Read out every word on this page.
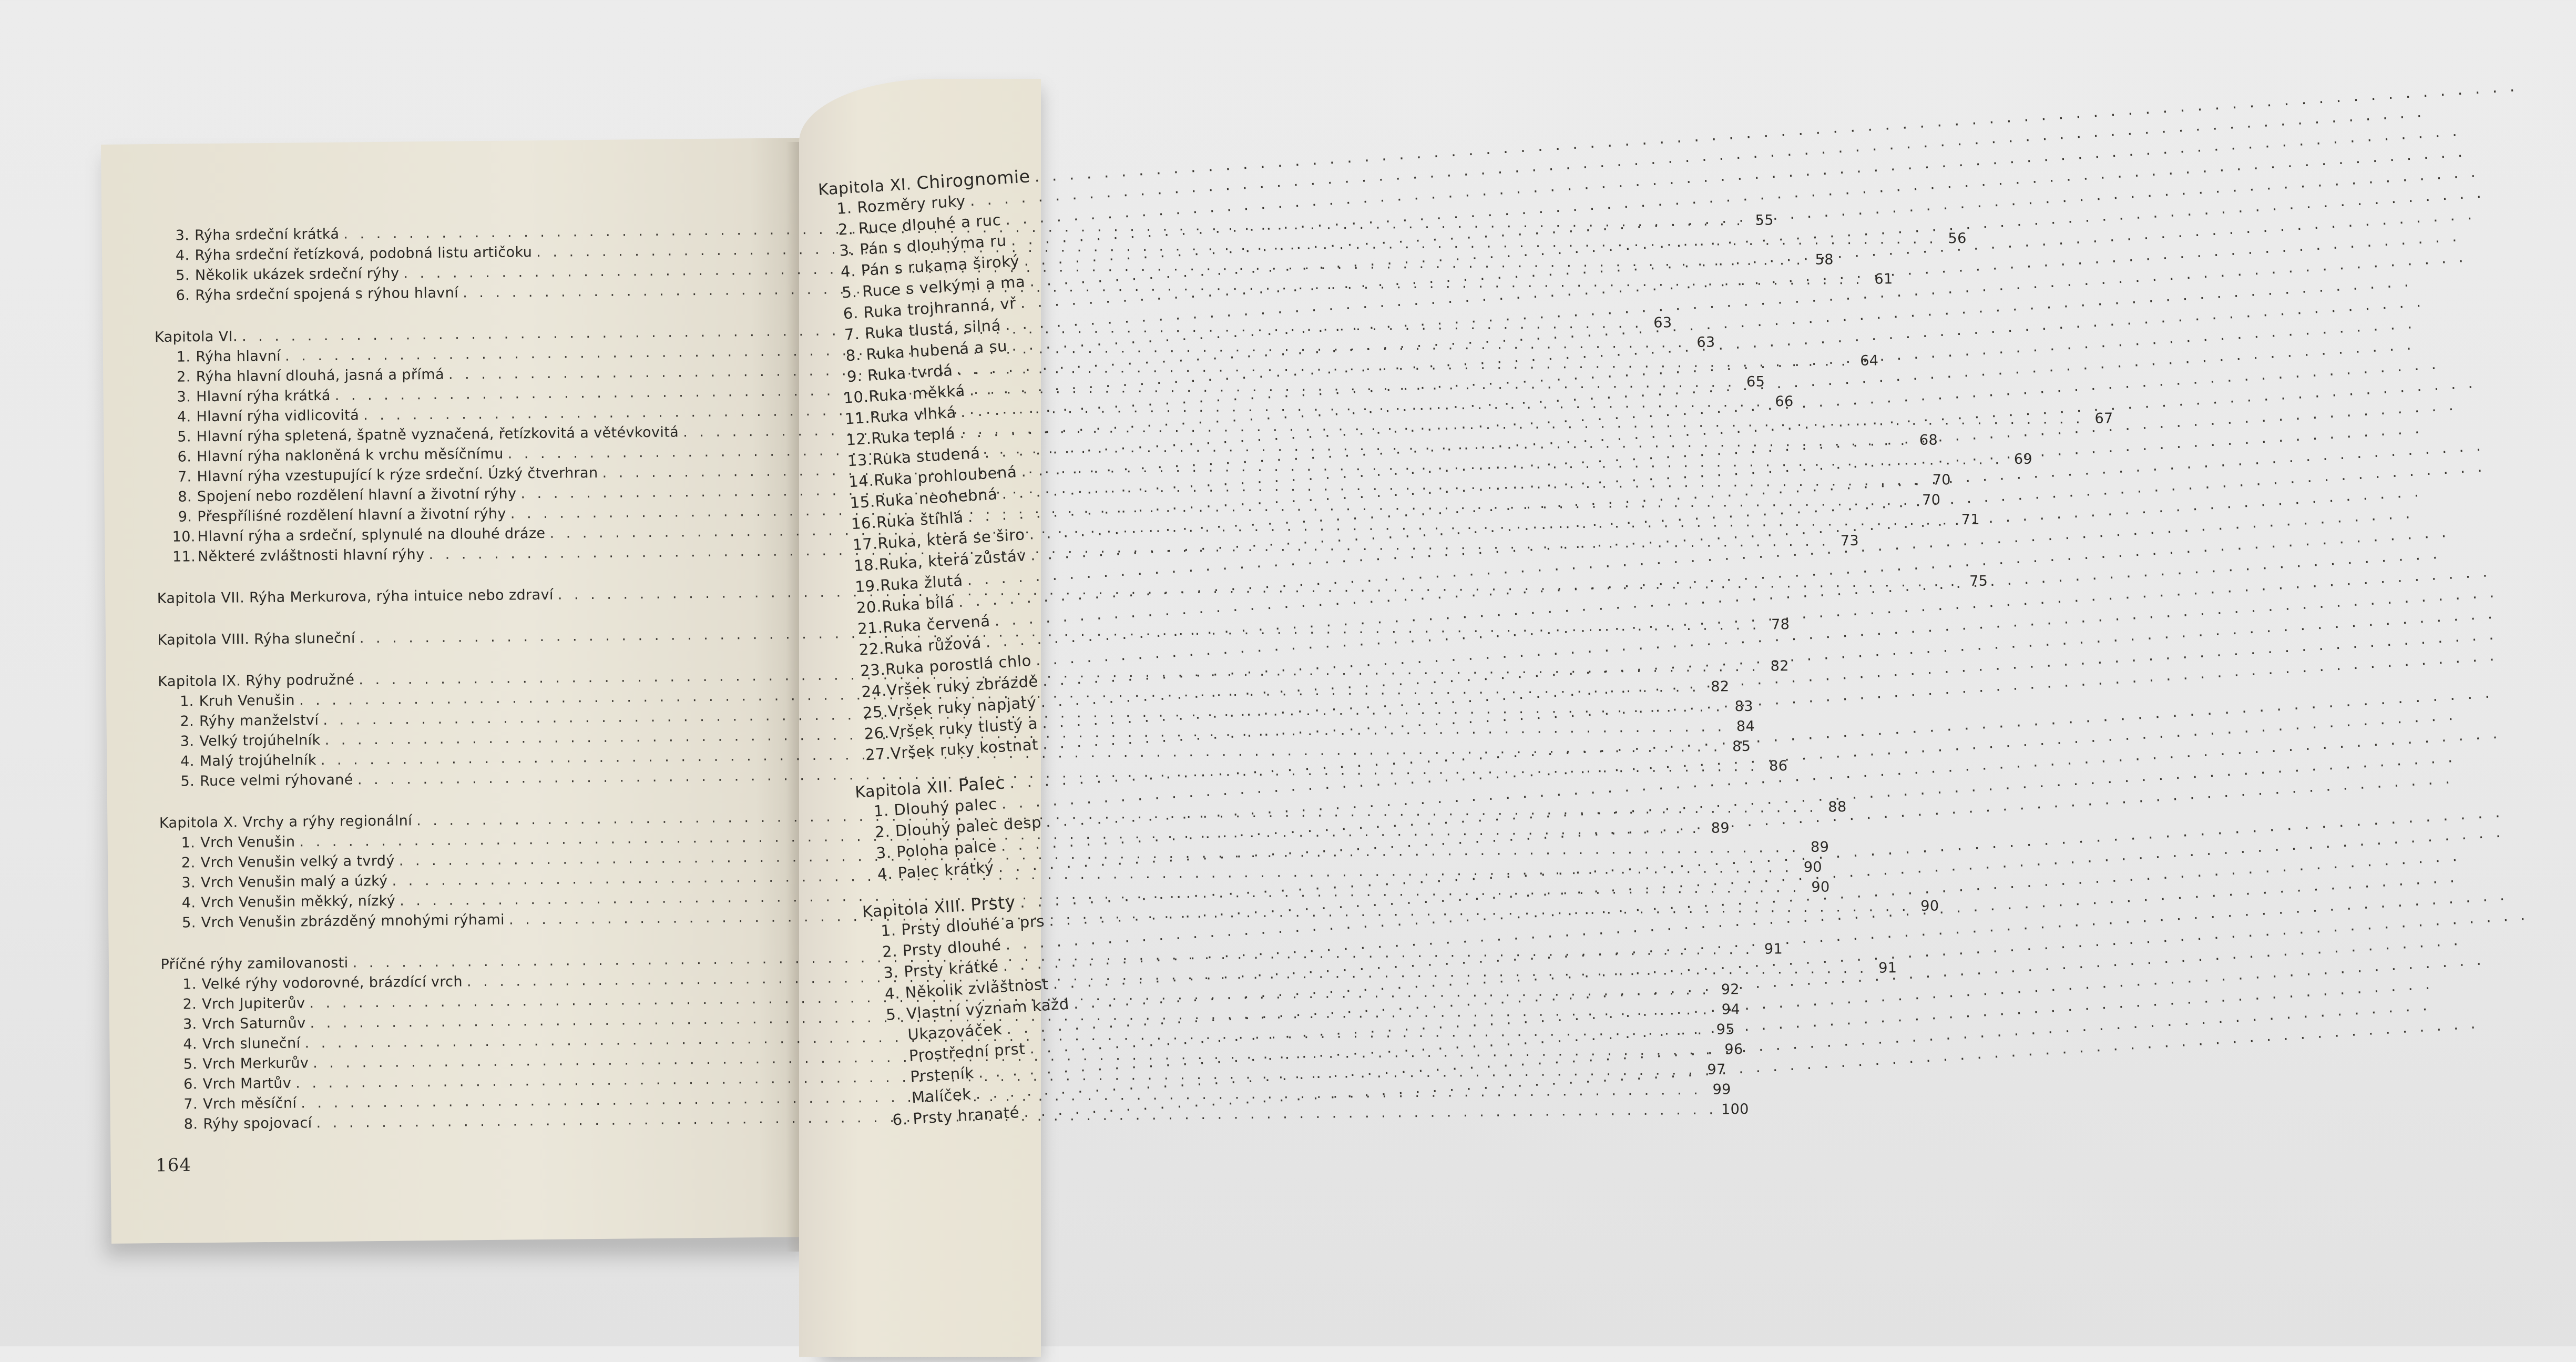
3. Rýha srdeční krátká
. . .
55
4. Rýha srdeční řetízková, podobná listu artičoku
. . .
56
5. Několik ukázek srdeční rýhy
. . .
58
6. Rýha srdeční spojená s rýhou hlavní
. . .
61
Kapitola VI.
. . .
63
1. Rýha hlavní
. . .
63
2. Rýha hlavní dlouhá, jasná a přímá
. . .
64
3. Hlavní rýha krátká
. . .
65
4. Hlavní rýha vidlicovitá
. . .
66
5. Hlavní rýha spletená, špatně vyznačená, řetízkovitá a větévkovitá
. . .
67
6. Hlavní rýha nakloněná k vrchu měsíčnímu
. . .
68
7. Hlavní rýha vzestupující k rýze srdeční. Úzký čtverhran
. . .
69
8. Spojení nebo rozdělení hlavní a životní rýhy
. . .
70
9. Přespříliśné rozdělení hlavní a životní rýhy
. . .
70
10. Hlavní rýha a srdeční, splynulé na dlouhé dráze
. . .
71
11. Některé zvláštnosti hlavní rýhy
. . .
73
Kapitola VII. Rýha Merkurova, rýha intuice nebo zdraví
. . .
75
Kapitola VIII. Rýha sluneční
. . .
78
Kapitola IX. Rýhy podružné
. . .
82
1. Kruh Venušin
. . .
82
2. Rýhy manželství
. . .
83
3. Velký trojúhelník
. . .
84
4. Malý trojúhelník
. . .
85
5. Ruce velmi rýhované
. . .
86
Kapitola X. Vrchy a rýhy regionální
. . .
88
1. Vrch Venušin
. . .
89
2. Vrch Venušin velký a tvrdý
. . .
89
3. Vrch Venušin malý a úzký
. . .
90
4. Vrch Venušin měkký, nízký
. . .
90
5. Vrch Venušin zbrázděný mnohými rýhami
. . .
90
Příčné rýhy zamilovanosti
. . .
91
1. Velké rýhy vodorovné, brázdící vrch
. . .
91
2. Vrch Jupiterův
. . .
92
3. Vrch Saturnův
. . .
94
4. Vrch sluneční
. . .
95
5. Vrch Merkurův
. . .
96
6. Vrch Martův
. . .
97
7. Vrch měsíční
. . .
99
8. Rýhy spojovací
. . .
100
164
Kapitola XI.
Chirognomie
. . .
1. Rozměry ruky
. . .
2. Ruce dlouhé a ruc
. . .
3. Pán s dlouhýma ru
. . .
4. Pán s rukama široký
. . .
5. Ruce s velkými a ma
. . .
6. Ruka trojhranná, vř
. . .
7. Ruka tlustá, silná
. . .
8. Ruka hubená a su
. . .
9. Ruka tvrdá
. . .
10.
Ruka měkká
. . .
11.
Ruka vlhká
. . .
12.
Ruka teplá
. . .
13.
Ruka studená
. . .
14.
Ruka prohloubená
. . .
15.
Ruka neohebná
. . .
16.
Ruka štíhlá
. . .
17.
Ruka, která se širo
. . .
18.
Ruka, která zůstáv
. . .
19.
Ruka žlutá
. . .
20.
Ruka bílá
. . .
21.
Ruka červená
. . .
22.
Ruka růžová
. . .
23.
Ruka porostlá chlo
. . .
24.
Vršek ruky zbrázdě
. . .
25.
Vršek ruky napjatý
. . .
26.
Vršek ruky tlustý a
. . .
27.
Vršek ruky kostnat
. . .
Kapitola XII.
Palec
. . .
1. Dlouhý palec
. . .
2. Dlouhý palec desp
. . .
3. Poloha palce
. . .
4. Palec krátký
. . .
Kapitola XIII.
Prsty
. . .
1. Prsty dlouhé a prs
. . .
2. Prsty dlouhé
. . .
3. Prsty krátké
. . .
4. Několik zvláštnost
. . .
5. Vlastní význam každ
. . .
Ukazováček
. . .
Prostřední prst
. . .
Prsteník
. . .
Malíček
. . .
6. Prsty hranaté
. . .
